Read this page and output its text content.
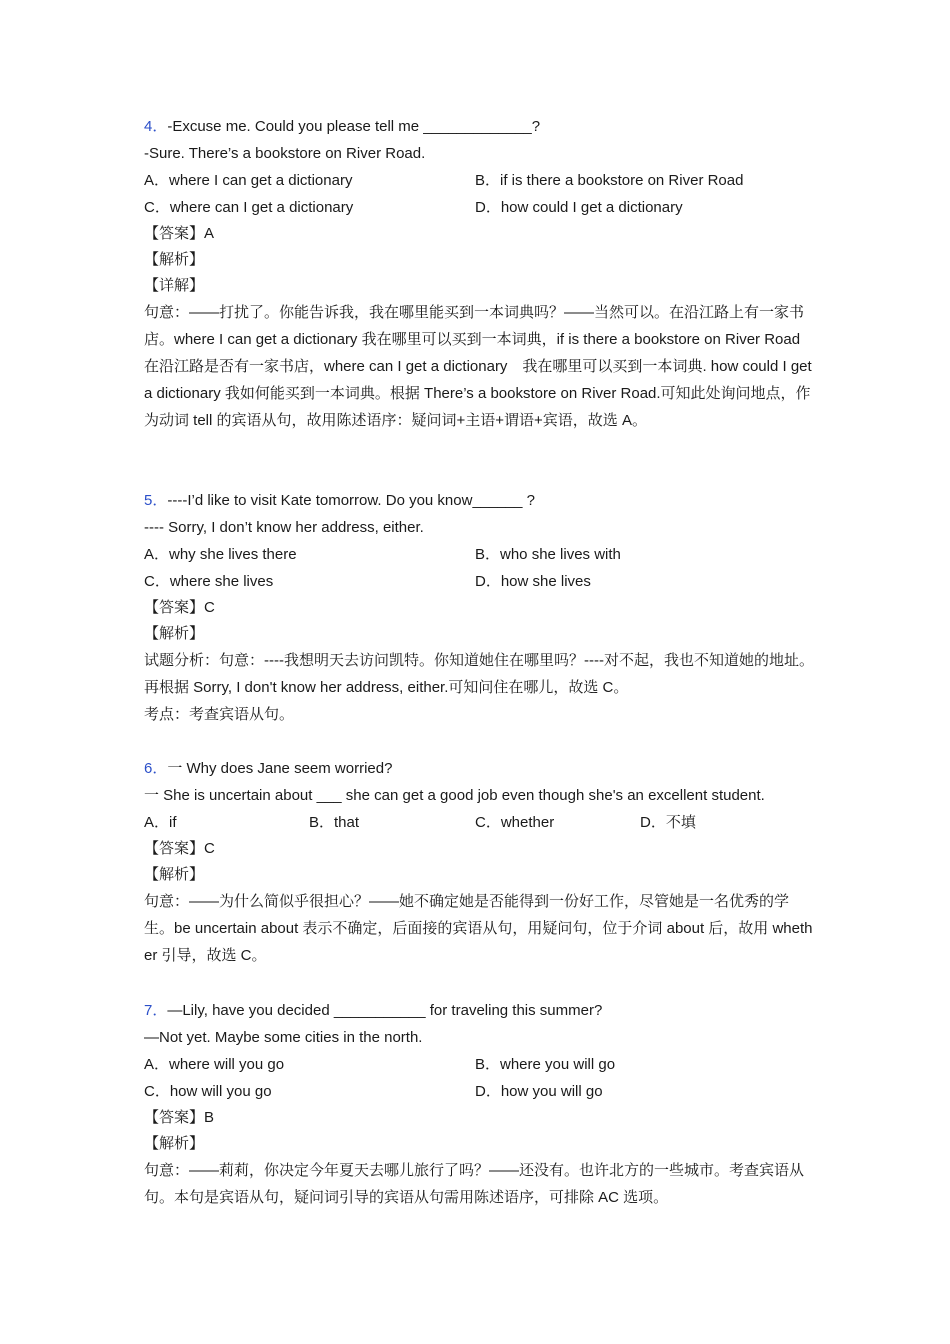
4．-Excuse me. Could you please tell me _____________?
-Sure. There’s a bookstore on River Road.
A．where I can get a dictionary	B．if is there a bookstore on River Road
C．where can I get a dictionary	D．how could I get a dictionary
【答案】A
【解析】
【详解】
句意：——打扰了。你能告诉我，我在哪里能买到一本词典吗？——当然可以。在沿江路上有一家书店。where I can get a dictionary 我在哪里可以买到一本词典，if is there a bookstore on River Road 在沿江路是否有一家书店，where can I get a dictionary　我在哪里可以买到一本词典. how could I get a dictionary 我如何能买到一本词典。根据 There’s a bookstore on River Road.可知此处询问地点，作为动词 tell 的宾语从句，故用陈述语序：疑问词+主语+谓语+宾语，故选 A。
5．----I’d like to visit Kate tomorrow. Do you know______ ?
---- Sorry, I don’t know her address, either.
A．why she lives there	B．who she lives with
C．where she lives	D．how she lives
【答案】C
【解析】
试题分析：句意：----我想明天去访问凯特。你知道她住在哪里吗？----对不起，我也不知道她的地址。再根据 Sorry, I don't know her address, either.可知问住在哪儿，故选 C。
考点：考查宾语从句。
6．一 Why does Jane seem worried?
一 She is uncertain about ___ she can get a good job even though she's an excellent student.
A．if	B．that	C．whether	D．不填
【答案】C
【解析】
句意：——为什么简似乎很担心？——她不确定她是否能得到一份好工作，尽管她是一名优秀的学生。be uncertain about 表示不确定，后面接的宾语从句，用疑问句，位于介词 about 后，故用 whether 引导，故选 C。
7．—Lily, have you decided ___________ for traveling this summer?
—Not yet. Maybe some cities in the north.
A．where will you go	B．where you will go
C．how will you go	D．how you will go
【答案】B
【解析】
句意：——莉莉，你决定今年夏天去哪儿旅行了吗？——还没有。也许北方的一些城市。考查宾语从句。本句是宾语从句，疑问词引导的宾语从句需用陈述语序，可排除 AC 选项。
